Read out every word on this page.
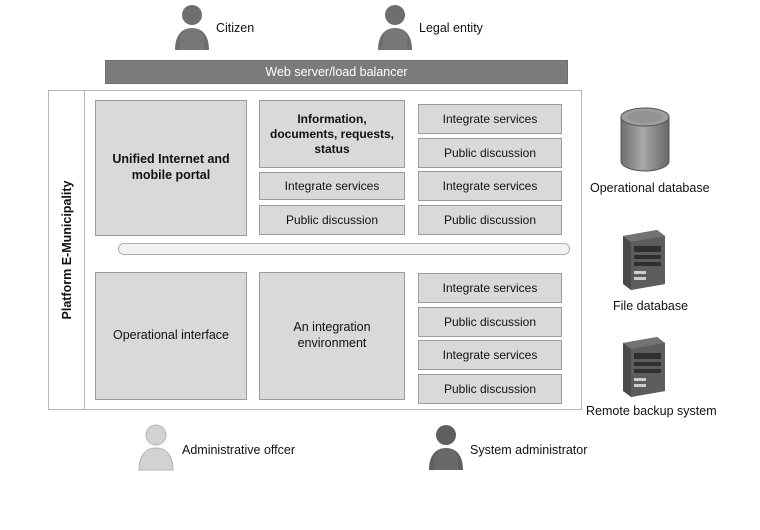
Citizen	Legal entity
Web server/load balancer
Platform E-Municipality
Unified Internet and mobile portal
Information, documents, requests, status
Integrate services
Public discussion
Integrate services
Public discussion
Integrate services
Public discussion
Operational interface
An integration environment
Integrate services
Public discussion
Integrate services
Public discussion
Operational database
File database
Remote backup system
Administrative offcer	System administrator
